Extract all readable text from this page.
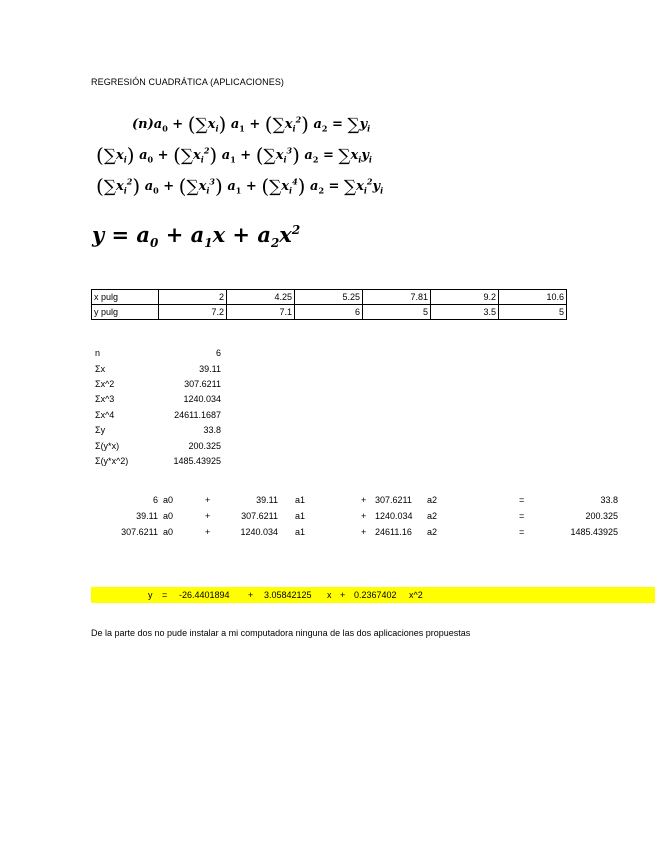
REGRESIÓN CUADRÁTICA (APLICACIONES)
$(n)a_0 + (\sum x_i) a_1 + (\sum x_i^2) a_2 = \sum y_i$
$(\sum x_i) a_0 + (\sum x_i^2) a_1 + (\sum x_i^3) a_2 = \sum x_iy_i$
$(\sum x_i^2) a_0 + (\sum x_i^3) a_1 + (\sum x_i^4) a_2 = \sum x_i^2y_i$
$y = a_0 + a_1x + a_2x^2$
x pulg	2	4.25	5.25	7.81	9.2	10.6
y pulg	7.2	7.1	6	5	3.5	5
n	6
Σx	39.11
Σx^2	307.6211
Σx^3	1240.034
Σx^4	24611.1687
Σy	33.8
Σ(y*x)	200.325
Σ(y*x^2)	1485.43925
6 a0	+	39.11 a1	+ 307.6211 a2	=	33.8
39.11 a0	+	307.6211 a1	+ 1240.034 a2	=	200.325
307.6211 a0	+	1240.034 a1	+ 24611.16 a2	=	1485.43925
y = -26.4401894 + 3.05842125 x + 0.2367402 x^2
De la parte dos no pude instalar a mi computadora ninguna de las dos aplicaciones propuestas
